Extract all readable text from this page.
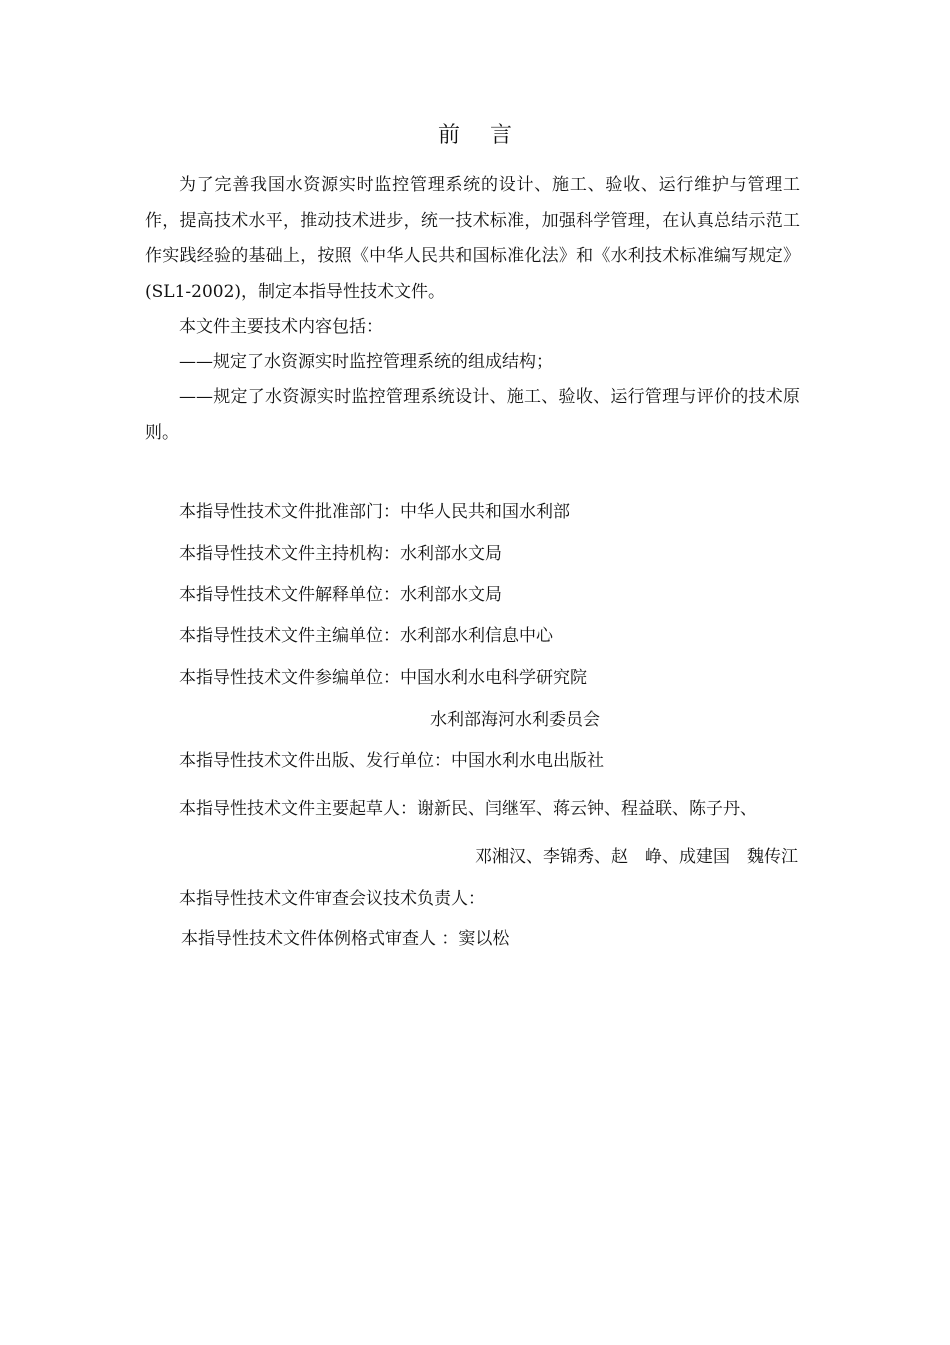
前 言

为了完善我国水资源实时监控管理系统的设计、施工、验收、运行维护与管理工作，提高技术水平，推动技术进步，统一技术标准，加强科学管理，在认真总结示范工作实践经验的基础上，按照《中华人民共和国标准化法》和《水利技术标准编写规定》(SL1-2002)，制定本指导性技术文件。

本文件主要技术内容包括：

——规定了水资源实时监控管理系统的组成结构；

——规定了水资源实时监控管理系统设计、施工、验收、运行管理与评价的技术原则。

本指导性技术文件批准部门：中华人民共和国水利部

本指导性技术文件主持机构：水利部水文局

本指导性技术文件解释单位：水利部水文局

本指导性技术文件主编单位：水利部水利信息中心

本指导性技术文件参编单位：中国水利水电科学研究院

水利部海河水利委员会

本指导性技术文件出版、发行单位：中国水利水电出版社

本指导性技术文件主要起草人：谢新民、闫继军、蒋云钟、程益联、陈子丹、

邓湘汉、李锦秀、赵　峥、成建国　魏传江

本指导性技术文件审查会议技术负责人：

本指导性技术文件体例格式审查人 ：窦以松
